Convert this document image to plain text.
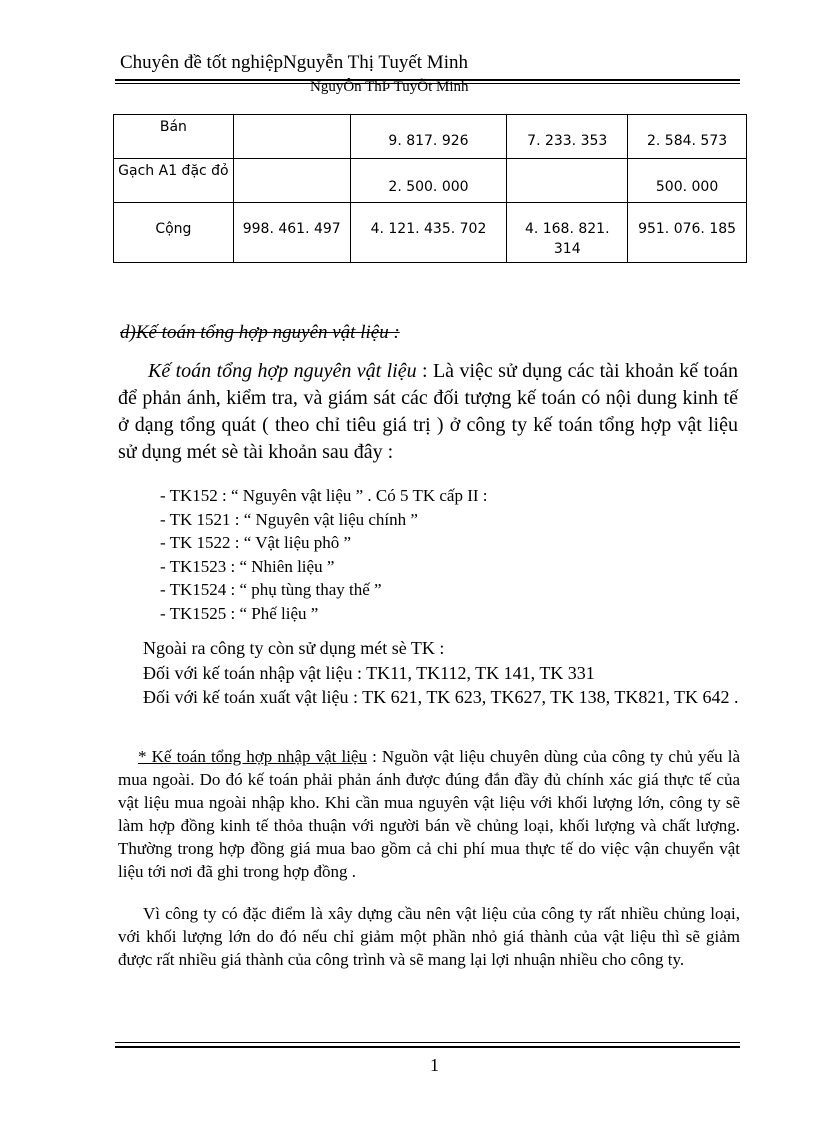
Chuyên đề tốt nghiệpNguyễn Thị Tuyết Minh
NguyÔn ThÞ TuyÕt Minh
Bán		9. 817. 926	7. 233. 353	2. 584. 573
Gạch A1 đặc đỏ		2. 500. 000		500. 000
Cộng	998. 461. 497	4. 121. 435. 702	4. 168. 821. 314	951. 076. 185
d)Kế toán tổng hợp nguyên vật liệu :
Kế toán tổng hợp nguyên vật liệu : Là việc sử dụng các tài khoản kế toán để phản ánh, kiểm tra, và giám sát các đối tượng kế toán có nội dung kinh tế ở dạng tổng quát ( theo chỉ tiêu giá trị ) ở công ty kế toán tổng hợp vật liệu sử dụng mét sè tài khoản sau đây :
- TK152 : “ Nguyên vật liệu ” . Có 5 TK cấp II :
- TK 1521 : “ Nguyên vật liệu chính ”
- TK 1522 : “ Vật liệu phô ”
- TK1523 : “ Nhiên liệu ”
- TK1524 : “ phụ tùng thay thế ”
- TK1525 : “ Phế liệu ”
Ngoài ra công ty còn sử dụng mét sè TK :
Đối với kế toán nhập vật liệu : TK11, TK112, TK 141, TK 331
Đối với kế toán xuất vật liệu : TK 621, TK 623, TK627, TK 138, TK821, TK 642 .
* Kế toán tổng hợp nhập vật liệu : Nguồn vật liệu chuyên dùng của công ty chủ yếu là mua ngoài. Do đó kế toán phải phản ánh được đúng đắn đầy đủ chính xác giá thực tế của vật liệu mua ngoài nhập kho. Khi cần mua nguyên vật liệu với khối lượng lớn, công ty sẽ làm hợp đồng kinh tế thỏa thuận với người bán về chủng loại, khối lượng và chất lượng. Thường trong hợp đồng giá mua bao gồm cả chi phí mua thực tế do việc vận chuyển vật liệu tới nơi đã ghi trong hợp đồng .
Vì công ty có đặc điểm là xây dựng cầu nên vật liệu của công ty rất nhiều chủng loại, với khối lượng lớn do đó nếu chỉ giảm một phần nhỏ giá thành của vật liệu thì sẽ giảm được rất nhiều giá thành của công trình và sẽ mang lại lợi nhuận nhiều cho công ty.
1
